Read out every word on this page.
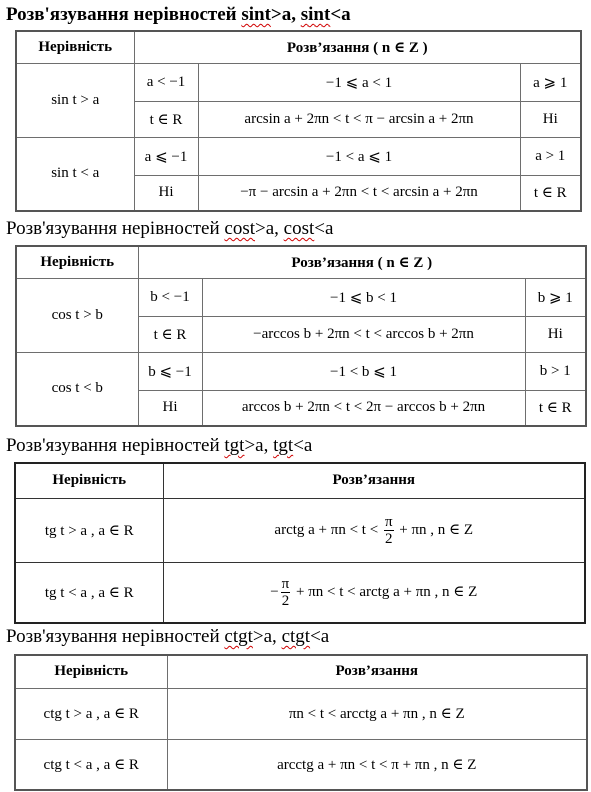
Розв'язування нерівностей sint>a, sint<a
Нерівність	Розв’язання ( n ∈ Z )		
sin t > a	a < −1	−1 ⩽ a < 1	a ⩾ 1
	t ∈ R	arcsin a + 2πn < t < π − arcsin a + 2πn	Ні
sin t < a	a ⩽ −1	−1 < a ⩽ 1	a > 1
	Ні	−π − arcsin a + 2πn < t < arcsin a + 2πn	t ∈ R
Розв'язування нерівностей cost>a, cost<a
Нерівність	Розв’язання ( n ∈ Z )		
cos t > b	b < −1	−1 ⩽ b < 1	b ⩾ 1
	t ∈ R	−arccos b + 2πn < t < arccos b + 2πn	Ні
cos t < b	b ⩽ −1	−1 < b ⩽ 1	b > 1
	Ні	arccos b + 2πn < t < 2π − arccos b + 2πn	t ∈ R
Розв'язування нерівностей tgt>a, tgt<a
Нерівність	Розв’язання
tg t > a , a ∈ R	arctg $a + \pi n < t < \frac{\pi}{2} + \pi n$ , n ∈ Z
tg t < a , a ∈ R	− $\frac{\pi}{2} + \pi n < t$ < arctg a + πn , n ∈ Z
Розв'язування нерівностей ctgt>a, ctgt<a
Нерівність	Розв’язання
ctg t > a , a ∈ R	πn < t < arcctg a + πn , n ∈ Z
ctg t < a , a ∈ R	arcctg a + πn < t < π + πn , n ∈ Z
